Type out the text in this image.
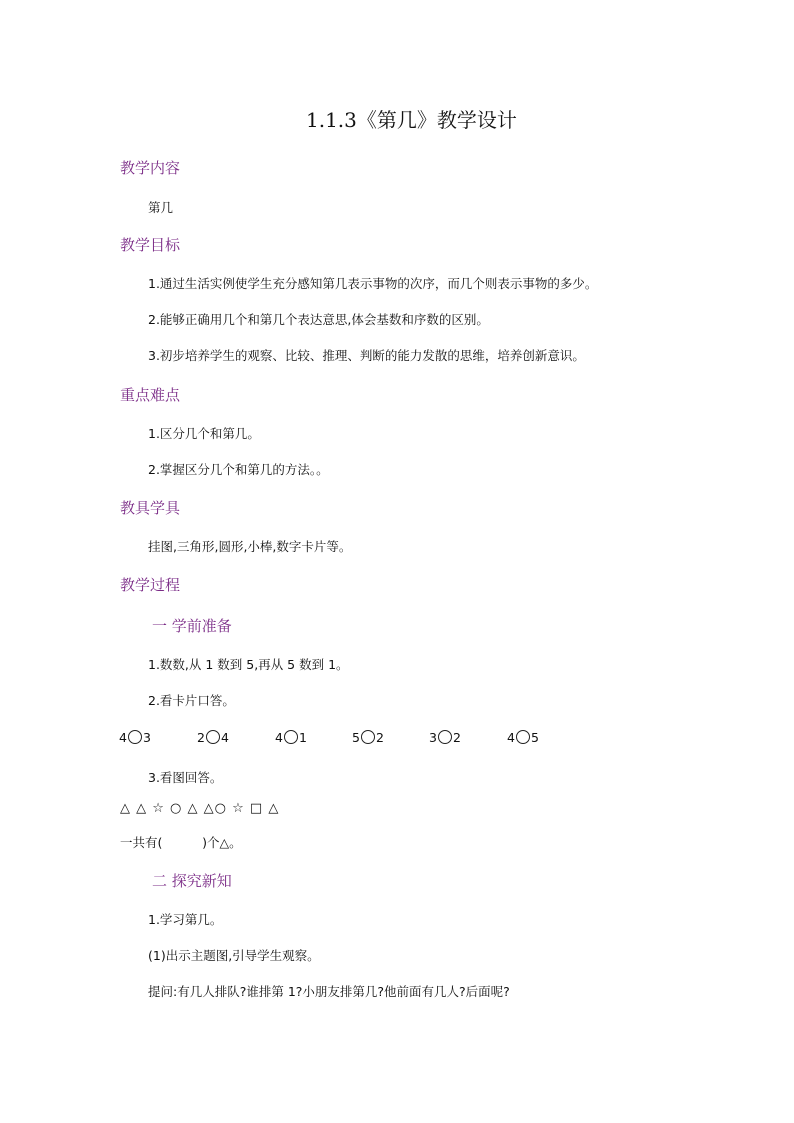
1.1.3《第几》教学设计
教学内容
第几
教学目标
1.通过生活实例使学生充分感知第几表示事物的次序，而几个则表示事物的多少。
2.能够正确用几个和第几个表达意思,体会基数和序数的区别。
3.初步培养学生的观察、比较、推理、判断的能力发散的思维，培养创新意识。
重点难点
1.区分几个和第几。
2.掌握区分几个和第几的方法。。
教具学具
挂图,三角形,圆形,小棒,数字卡片等。
教学过程
一 学前准备
1.数数,从 1 数到 5,再从 5 数到 1。
2.看卡片口答。
4 3	2 4	4 1	5 2	3 2	4 5
3.看图回答。
△ △ ☆ ○ △ △○ ☆ □ △
一共有(          )个△。
二 探究新知
1.学习第几。
(1)出示主题图,引导学生观察。
提问:有几人排队?谁排第 1?小朋友排第几?他前面有几人?后面呢?
